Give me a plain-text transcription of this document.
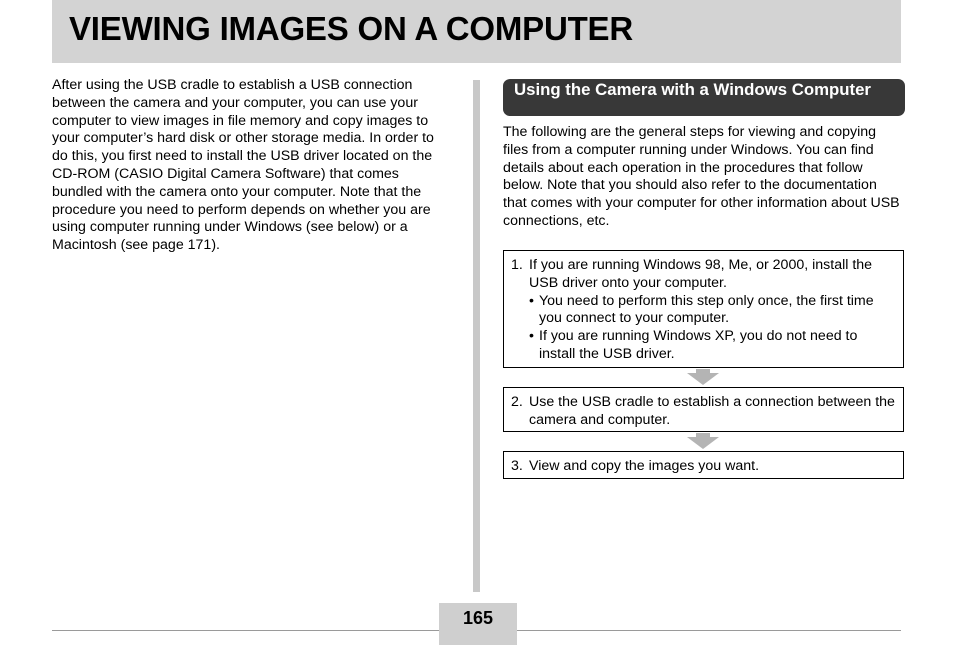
VIEWING IMAGES ON A COMPUTER
After using the USB cradle to establish a USB connection between the camera and your computer, you can use your computer to view images in file memory and copy images to your computer’s hard disk or other storage media. In order to do this, you first need to install the USB driver located on the CD-ROM (CASIO Digital Camera Software) that comes bundled with the camera onto your computer. Note that the procedure you need to perform depends on whether you are using computer running under Windows (see below) or a Macintosh (see page 171).
Using the Camera with a Windows Computer
The following are the general steps for viewing and copying files from a computer running under Windows. You can find details about each operation in the procedures that follow below. Note that you should also refer to the documentation that comes with your computer for other information about USB connections, etc.
1. If you are running Windows 98, Me, or 2000, install the USB driver onto your computer.
• You need to perform this step only once, the first time you connect to your computer.
• If you are running Windows XP, you do not need to install the USB driver.
2. Use the USB cradle to establish a connection between the camera and computer.
3. View and copy the images you want.
165
